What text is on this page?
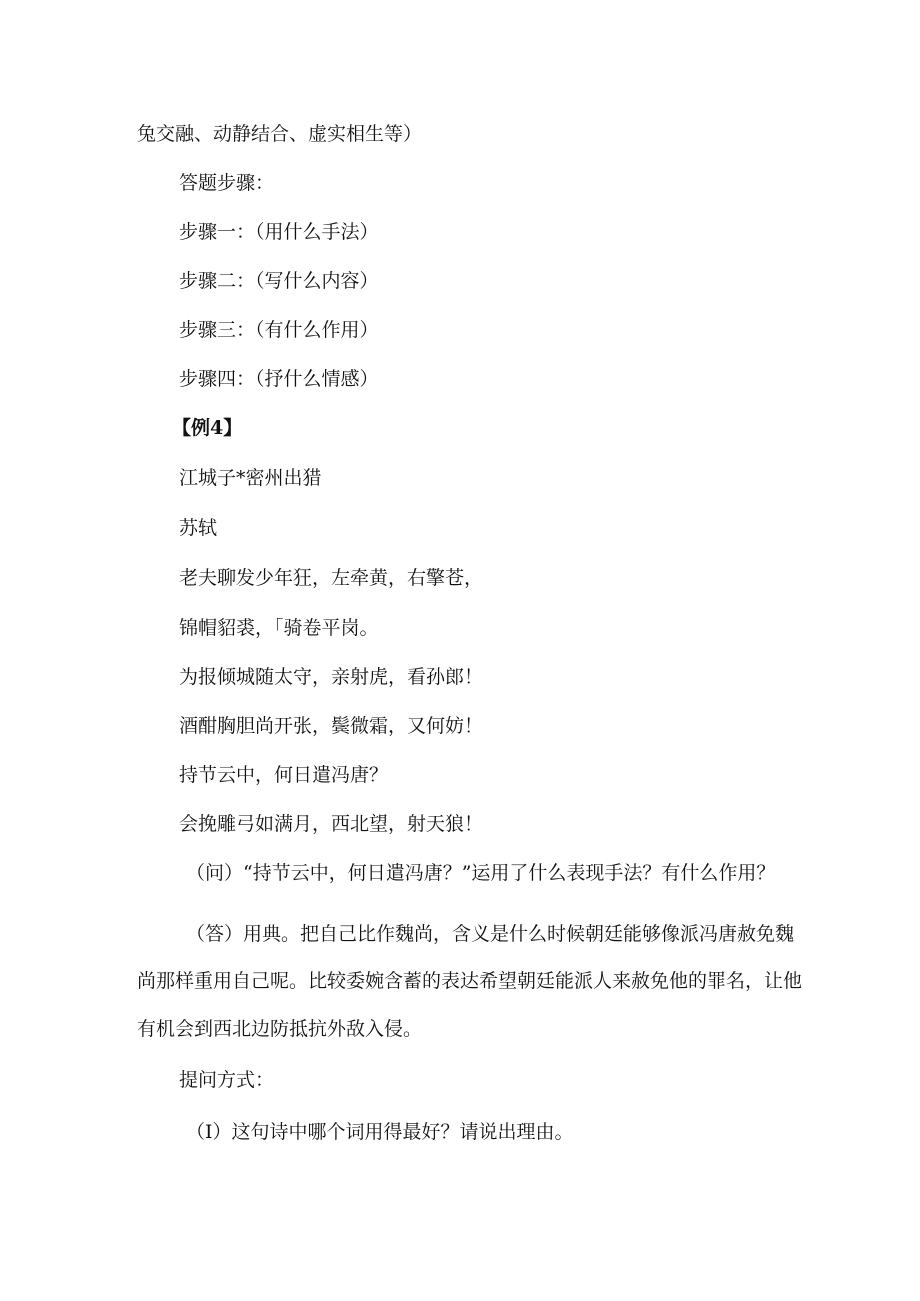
兔交融、动静结合、虚实相生等）

答题步骤：

步骤一：（用什么手法）

步骤二：（写什么内容）

步骤三：（有什么作用）

步骤四：（抒什么情感）

【例4】

江城子*密州出猎

苏轼

老夫聊发少年狂，左牵黄，右擎苍，

锦帽貂裘，「骑卷平岗。

为报倾城随太守，亲射虎，看孙郎！

酒酣胸胆尚开张，鬓微霜，又何妨！

持节云中，何日遣冯唐？

会挽雕弓如满月，西北望，射天狼！

（问）“持节云中，何日遣冯唐？”运用了什么表现手法？有什么作用？

（答）用典。把自己比作魏尚，含义是什么时候朝廷能够像派冯唐赦免魏

尚那样重用自己呢。比较委婉含蓄的表达希望朝廷能派人来赦免他的罪名，让他

有机会到西北边防抵抗外敌入侵。

提问方式：

（I）这句诗中哪个词用得最好？请说出理由。
